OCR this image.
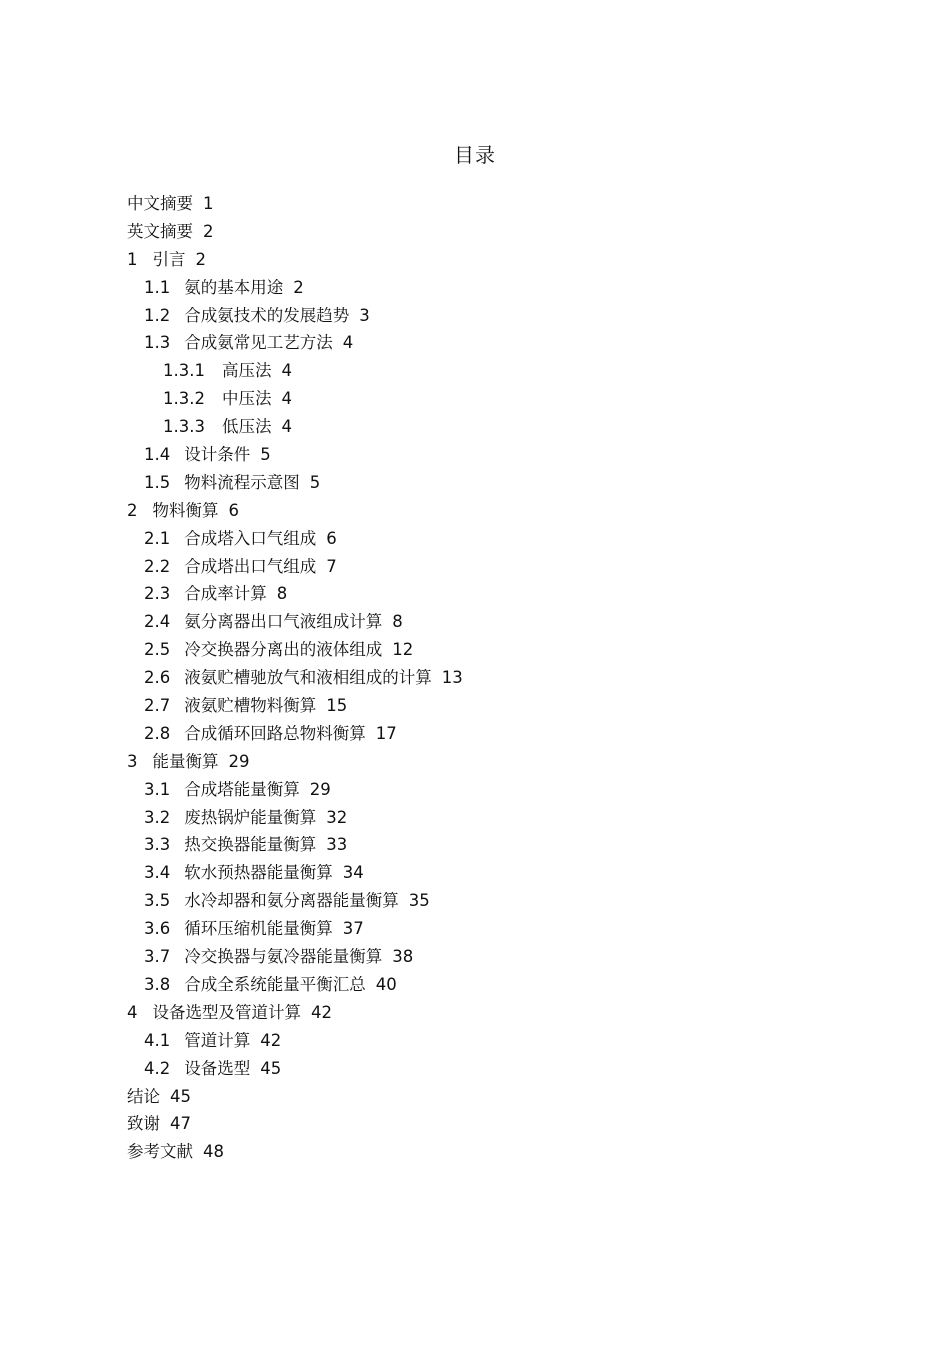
目录
中文摘要 1
英文摘要 2
1 引言 2
1.1 氨的基本用途 2
1.2 合成氨技术的发展趋势 3
1.3 合成氨常见工艺方法 4
1.3.1 高压法 4
1.3.2 中压法 4
1.3.3 低压法 4
1.4 设计条件 5
1.5 物料流程示意图 5
2 物料衡算 6
2.1 合成塔入口气组成 6
2.2 合成塔出口气组成 7
2.3 合成率计算 8
2.4 氨分离器出口气液组成计算 8
2.5 冷交换器分离出的液体组成 12
2.6 液氨贮槽驰放气和液相组成的计算 13
2.7 液氨贮槽物料衡算 15
2.8 合成循环回路总物料衡算 17
3 能量衡算 29
3.1 合成塔能量衡算 29
3.2 废热锅炉能量衡算 32
3.3 热交换器能量衡算 33
3.4 软水预热器能量衡算 34
3.5 水冷却器和氨分离器能量衡算 35
3.6 循环压缩机能量衡算 37
3.7 冷交换器与氨冷器能量衡算 38
3.8 合成全系统能量平衡汇总 40
4 设备选型及管道计算 42
4.1 管道计算 42
4.2 设备选型 45
结论 45
致谢 47
参考文献 48
